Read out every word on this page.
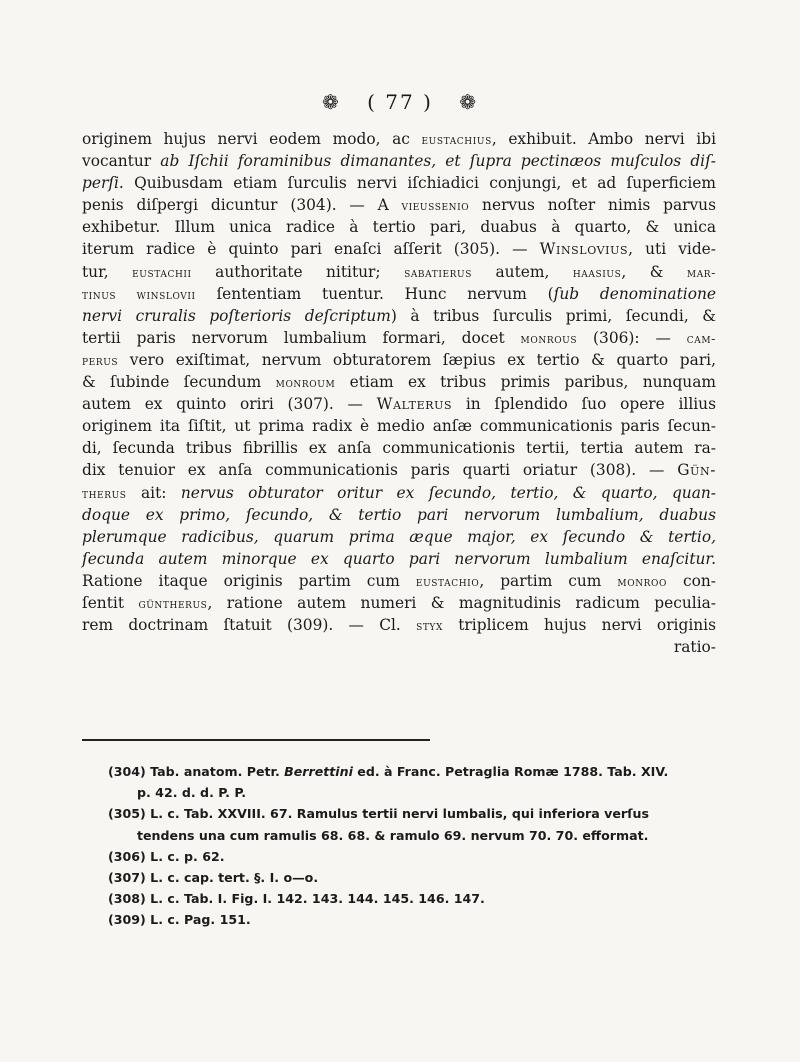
❁ ( 77 ) ❁
originem hujus nervi eodem modo, ac eustachius, exhibuit. Ambo nervi ibi
vocantur ab Iſchii foraminibus dimanantes, et ſupra pectinæos muſculos diſ-
perſi. Quibusdam etiam ſurculis nervi iſchiadici conjungi, et ad ſuperficiem
penis diſpergi dicuntur (304). — A vieussenio nervus noſter nimis parvus
exhibetur. Illum unica radice à tertio pari, duabus à quarto, & unica
iterum radice è quinto pari enaſci aſſerit (305). — Winslovius, uti vide-
tur, eustachii authoritate nititur; sabatierus autem, haasius, & mar-
tinus winslovii ſententiam tuentur. Hunc nervum (ſub denominatione
nervi cruralis poſterioris deſcriptum) à tribus ſurculis primi, ſecundi, &
tertii paris nervorum lumbalium formari, docet monrous (306): — cam-
perus vero exiſtimat, nervum obturatorem ſæpius ex tertio & quarto pari,
& ſubinde ſecundum monroum etiam ex tribus primis paribus, nunquam
autem ex quinto oriri (307). — Walterus in ſplendido ſuo opere illius
originem ita ſiſtit, ut prima radix è medio anſæ communicationis paris ſecun-
di, ſecunda tribus fibrillis ex anſa communicationis tertii, tertia autem ra-
dix tenuior ex anſa communicationis paris quarti oriatur (308). — Gün-
therus ait: nervus obturator oritur ex ſecundo, tertio, & quarto, quan-
doque ex primo, ſecundo, & tertio pari nervorum lumbalium, duabus
plerumque radicibus, quarum prima æque major, ex ſecundo & tertio,
ſecunda autem minorque ex quarto pari nervorum lumbalium enaſcitur.
Ratione itaque originis partim cum eustachio, partim cum monroo con-
ſentit güntherus, ratione autem numeri & magnitudinis radicum peculia-
rem doctrinam ſtatuit (309). — Cl. styx triplicem hujus nervi originis
ratio-
(304) Tab. anatom. Petr. Berrettini ed. à Franc. Petraglia Romæ 1788. Tab. XIV.
p. 42. d. d. P. P.
(305) L. c. Tab. XXVIII. 67. Ramulus tertii nervi lumbalis, qui inferiora verſus
tendens una cum ramulis 68. 68. & ramulo 69. nervum 70. 70. efformat.
(306) L. c. p. 62.
(307) L. c. cap. tert. §. I. o—o.
(308) L. c. Tab. I. Fig. I. 142. 143. 144. 145. 146. 147.
(309) L. c. Pag. 151.
